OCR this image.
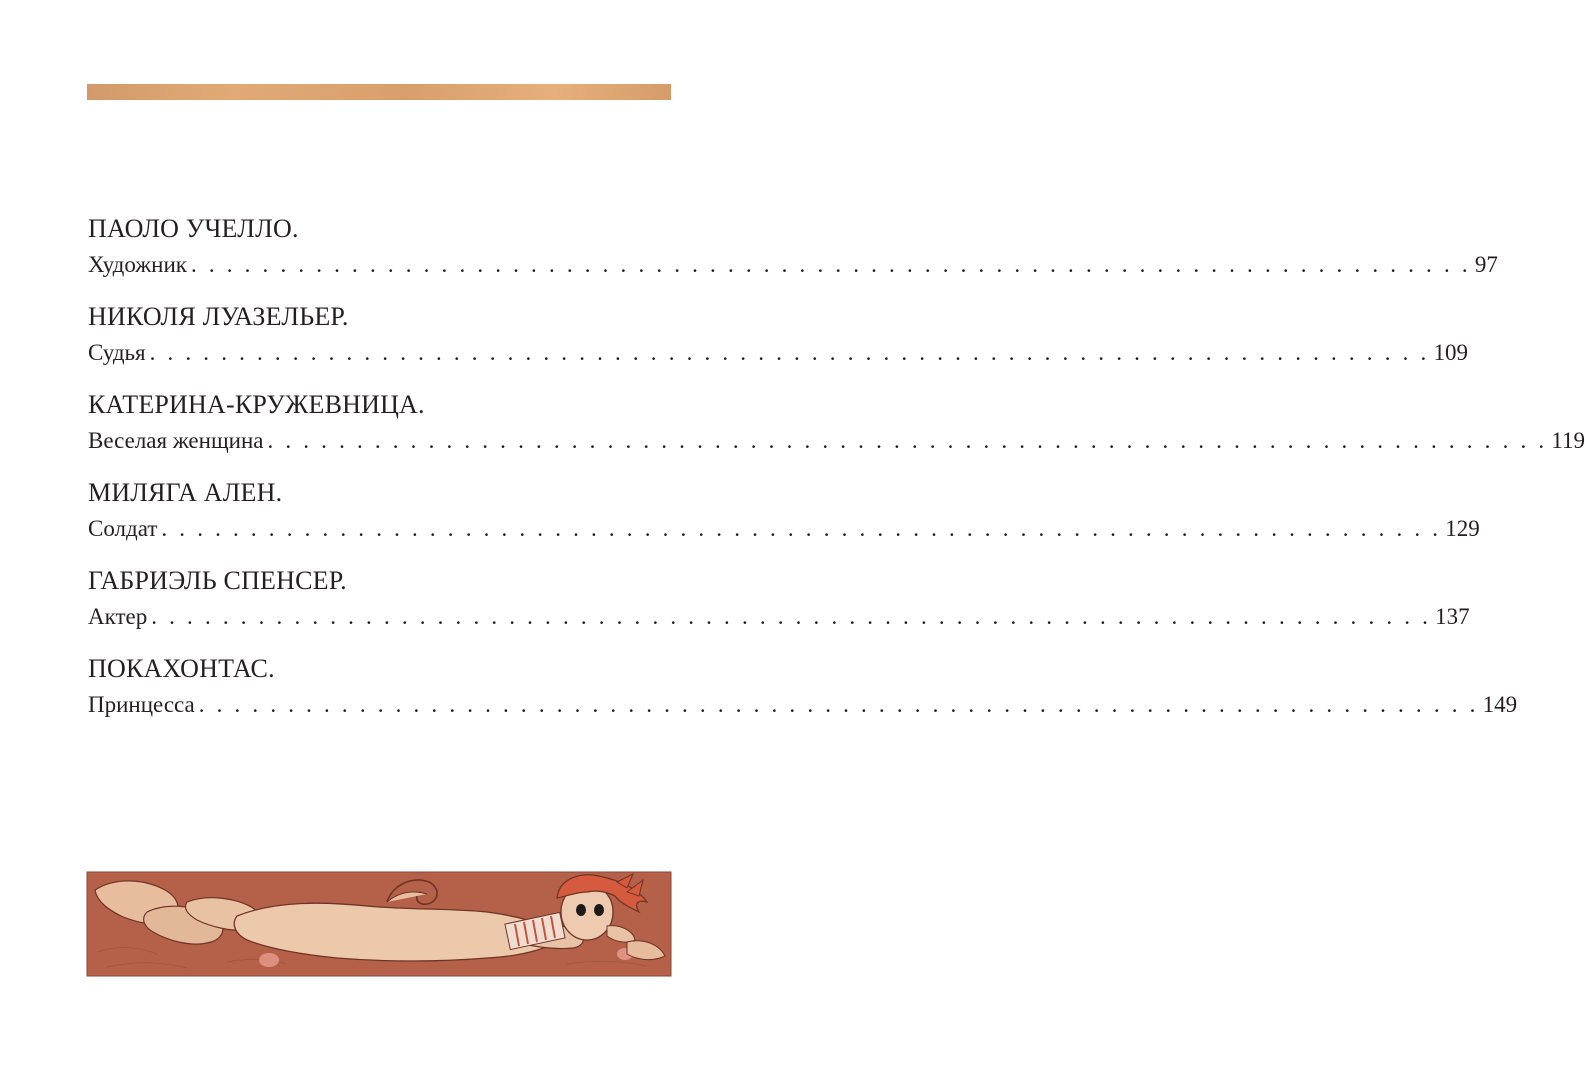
ПАОЛО УЧЕЛЛО.
Художник . . . . . . . . . . . . . . . . . . . . . . . . . . . . . . . . . . . . . . . . . . . . . . . . . . . . . . . . . . . . . . . . . . . . . . . . 97
НИКОЛЯ ЛУАЗЕЛЬЕР.
Судья . . . . . . . . . . . . . . . . . . . . . . . . . . . . . . . . . . . . . . . . . . . . . . . . . . . . . . . . . . . . . . . . . . . . . . . . 109
КАТЕРИНА-КРУЖЕВНИЦА.
Веселая женщина . . . . . . . . . . . . . . . . . . . . . . . . . . . . . . . . . . . . . . . . . . . . . . . . . . . . . . . . . . . . . . . . . . . . . . . . 119
МИЛЯГА АЛЕН.
Солдат . . . . . . . . . . . . . . . . . . . . . . . . . . . . . . . . . . . . . . . . . . . . . . . . . . . . . . . . . . . . . . . . . . . . . . . . 129
ГАБРИЭЛЬ СПЕНСЕР.
Актер . . . . . . . . . . . . . . . . . . . . . . . . . . . . . . . . . . . . . . . . . . . . . . . . . . . . . . . . . . . . . . . . . . . . . . . . 137
ПОКАХОНТАС.
Принцесса . . . . . . . . . . . . . . . . . . . . . . . . . . . . . . . . . . . . . . . . . . . . . . . . . . . . . . . . . . . . . . . . . . . . . . . . 149
